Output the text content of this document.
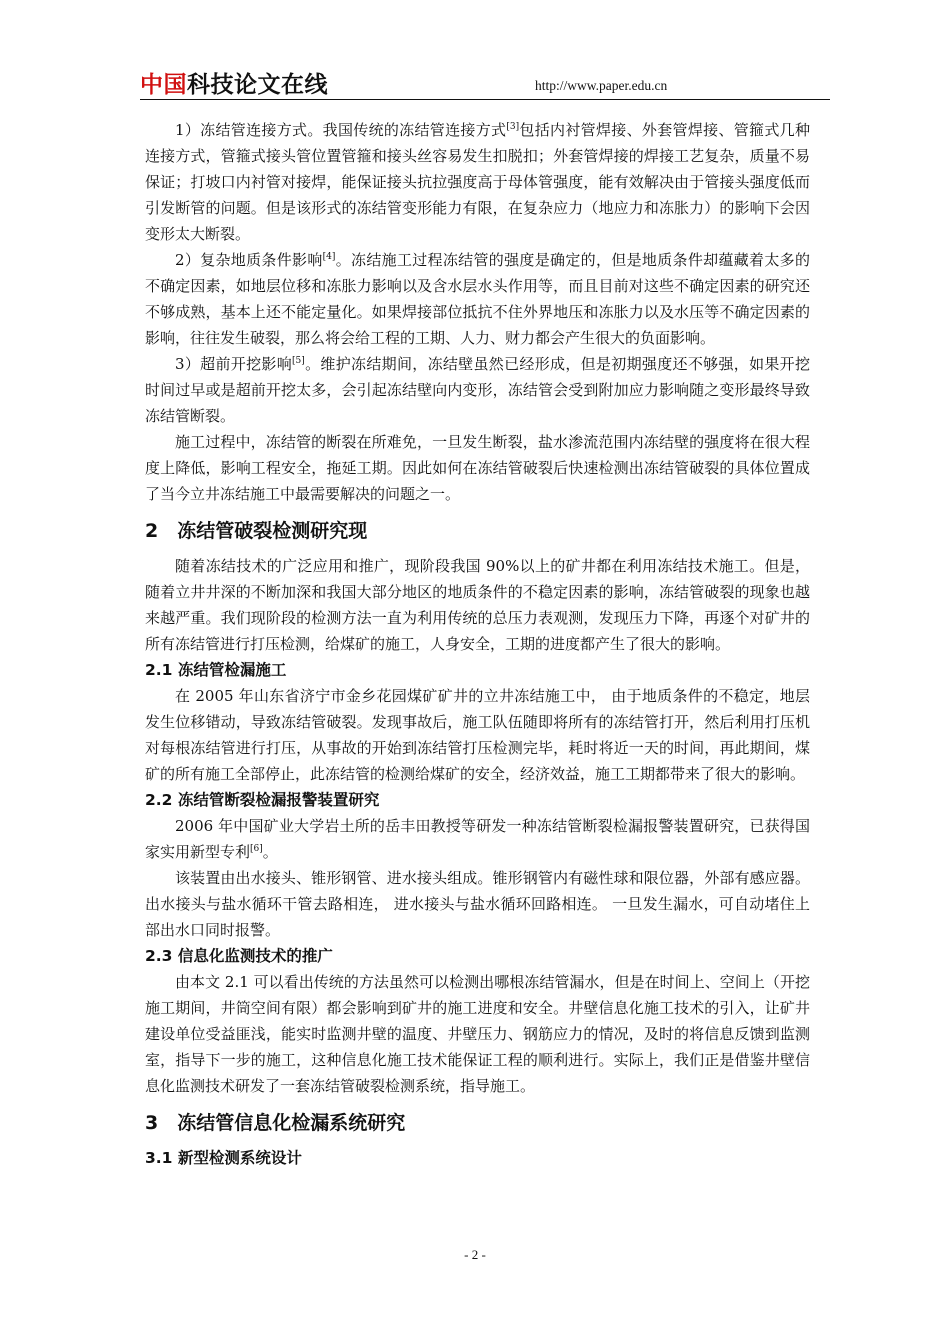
中国科技论文在线	http://www.paper.edu.cn

1）冻结管连接方式。我国传统的冻结管连接方式[3]包括内衬管焊接、外套管焊接、管箍式几种连接方式，管箍式接头管位置管箍和接头丝容易发生扣脱扣；外套管焊接的焊接工艺复杂，质量不易保证；打坡口内衬管对接焊，能保证接头抗拉强度高于母体管强度，能有效解决由于管接头强度低而引发断管的问题。但是该形式的冻结管变形能力有限，在复杂应力（地应力和冻胀力）的影响下会因变形太大断裂。

2）复杂地质条件影响[4]。冻结施工过程冻结管的强度是确定的，但是地质条件却蕴藏着太多的不确定因素，如地层位移和冻胀力影响以及含水层水头作用等，而且目前对这些不确定因素的研究还不够成熟，基本上还不能定量化。如果焊接部位抵抗不住外界地压和冻胀力以及水压等不确定因素的影响，往往发生破裂，那么将会给工程的工期、人力、财力都会产生很大的负面影响。

3）超前开挖影响[5]。维护冻结期间，冻结壁虽然已经形成，但是初期强度还不够强，如果开挖时间过早或是超前开挖太多，会引起冻结壁向内变形，冻结管会受到附加应力影响随之变形最终导致冻结管断裂。

施工过程中，冻结管的断裂在所难免，一旦发生断裂，盐水渗流范围内冻结壁的强度将在很大程度上降低，影响工程安全，拖延工期。因此如何在冻结管破裂后快速检测出冻结管破裂的具体位置成了当今立井冻结施工中最需要解决的问题之一。

2　冻结管破裂检测研究现

随着冻结技术的广泛应用和推广，现阶段我国 90%以上的矿井都在利用冻结技术施工。但是，随着立井井深的不断加深和我国大部分地区的地质条件的不稳定因素的影响，冻结管破裂的现象也越来越严重。我们现阶段的检测方法一直为利用传统的总压力表观测，发现压力下降，再逐个对矿井的所有冻结管进行打压检测，给煤矿的施工，人身安全，工期的进度都产生了很大的影响。

2.1 冻结管检漏施工

在 2005 年山东省济宁市金乡花园煤矿矿井的立井冻结施工中， 由于地质条件的不稳定，地层发生位移错动，导致冻结管破裂。发现事故后，施工队伍随即将所有的冻结管打开，然后利用打压机对每根冻结管进行打压，从事故的开始到冻结管打压检测完毕，耗时将近一天的时间，再此期间，煤矿的所有施工全部停止，此冻结管的检测给煤矿的安全，经济效益，施工工期都带来了很大的影响。

2.2 冻结管断裂检漏报警装置研究

2006 年中国矿业大学岩土所的岳丰田教授等研发一种冻结管断裂检漏报警装置研究，已获得国家实用新型专利[6]。

该装置由出水接头、锥形钢管、进水接头组成。锥形钢管内有磁性球和限位器，外部有感应器。出水接头与盐水循环干管去路相连， 进水接头与盐水循环回路相连。 一旦发生漏水，可自动堵住上部出水口同时报警。

2.3 信息化监测技术的推广

由本文 2.1 可以看出传统的方法虽然可以检测出哪根冻结管漏水，但是在时间上、空间上（开挖施工期间，井筒空间有限）都会影响到矿井的施工进度和安全。井壁信息化施工技术的引入，让矿井建设单位受益匪浅，能实时监测井壁的温度、井壁压力、钢筋应力的情况，及时的将信息反馈到监测室，指导下一步的施工，这种信息化施工技术能保证工程的顺利进行。实际上，我们正是借鉴井壁信息化监测技术研发了一套冻结管破裂检测系统，指导施工。

3　冻结管信息化检漏系统研究
3.1 新型检测系统设计
- 2 -
